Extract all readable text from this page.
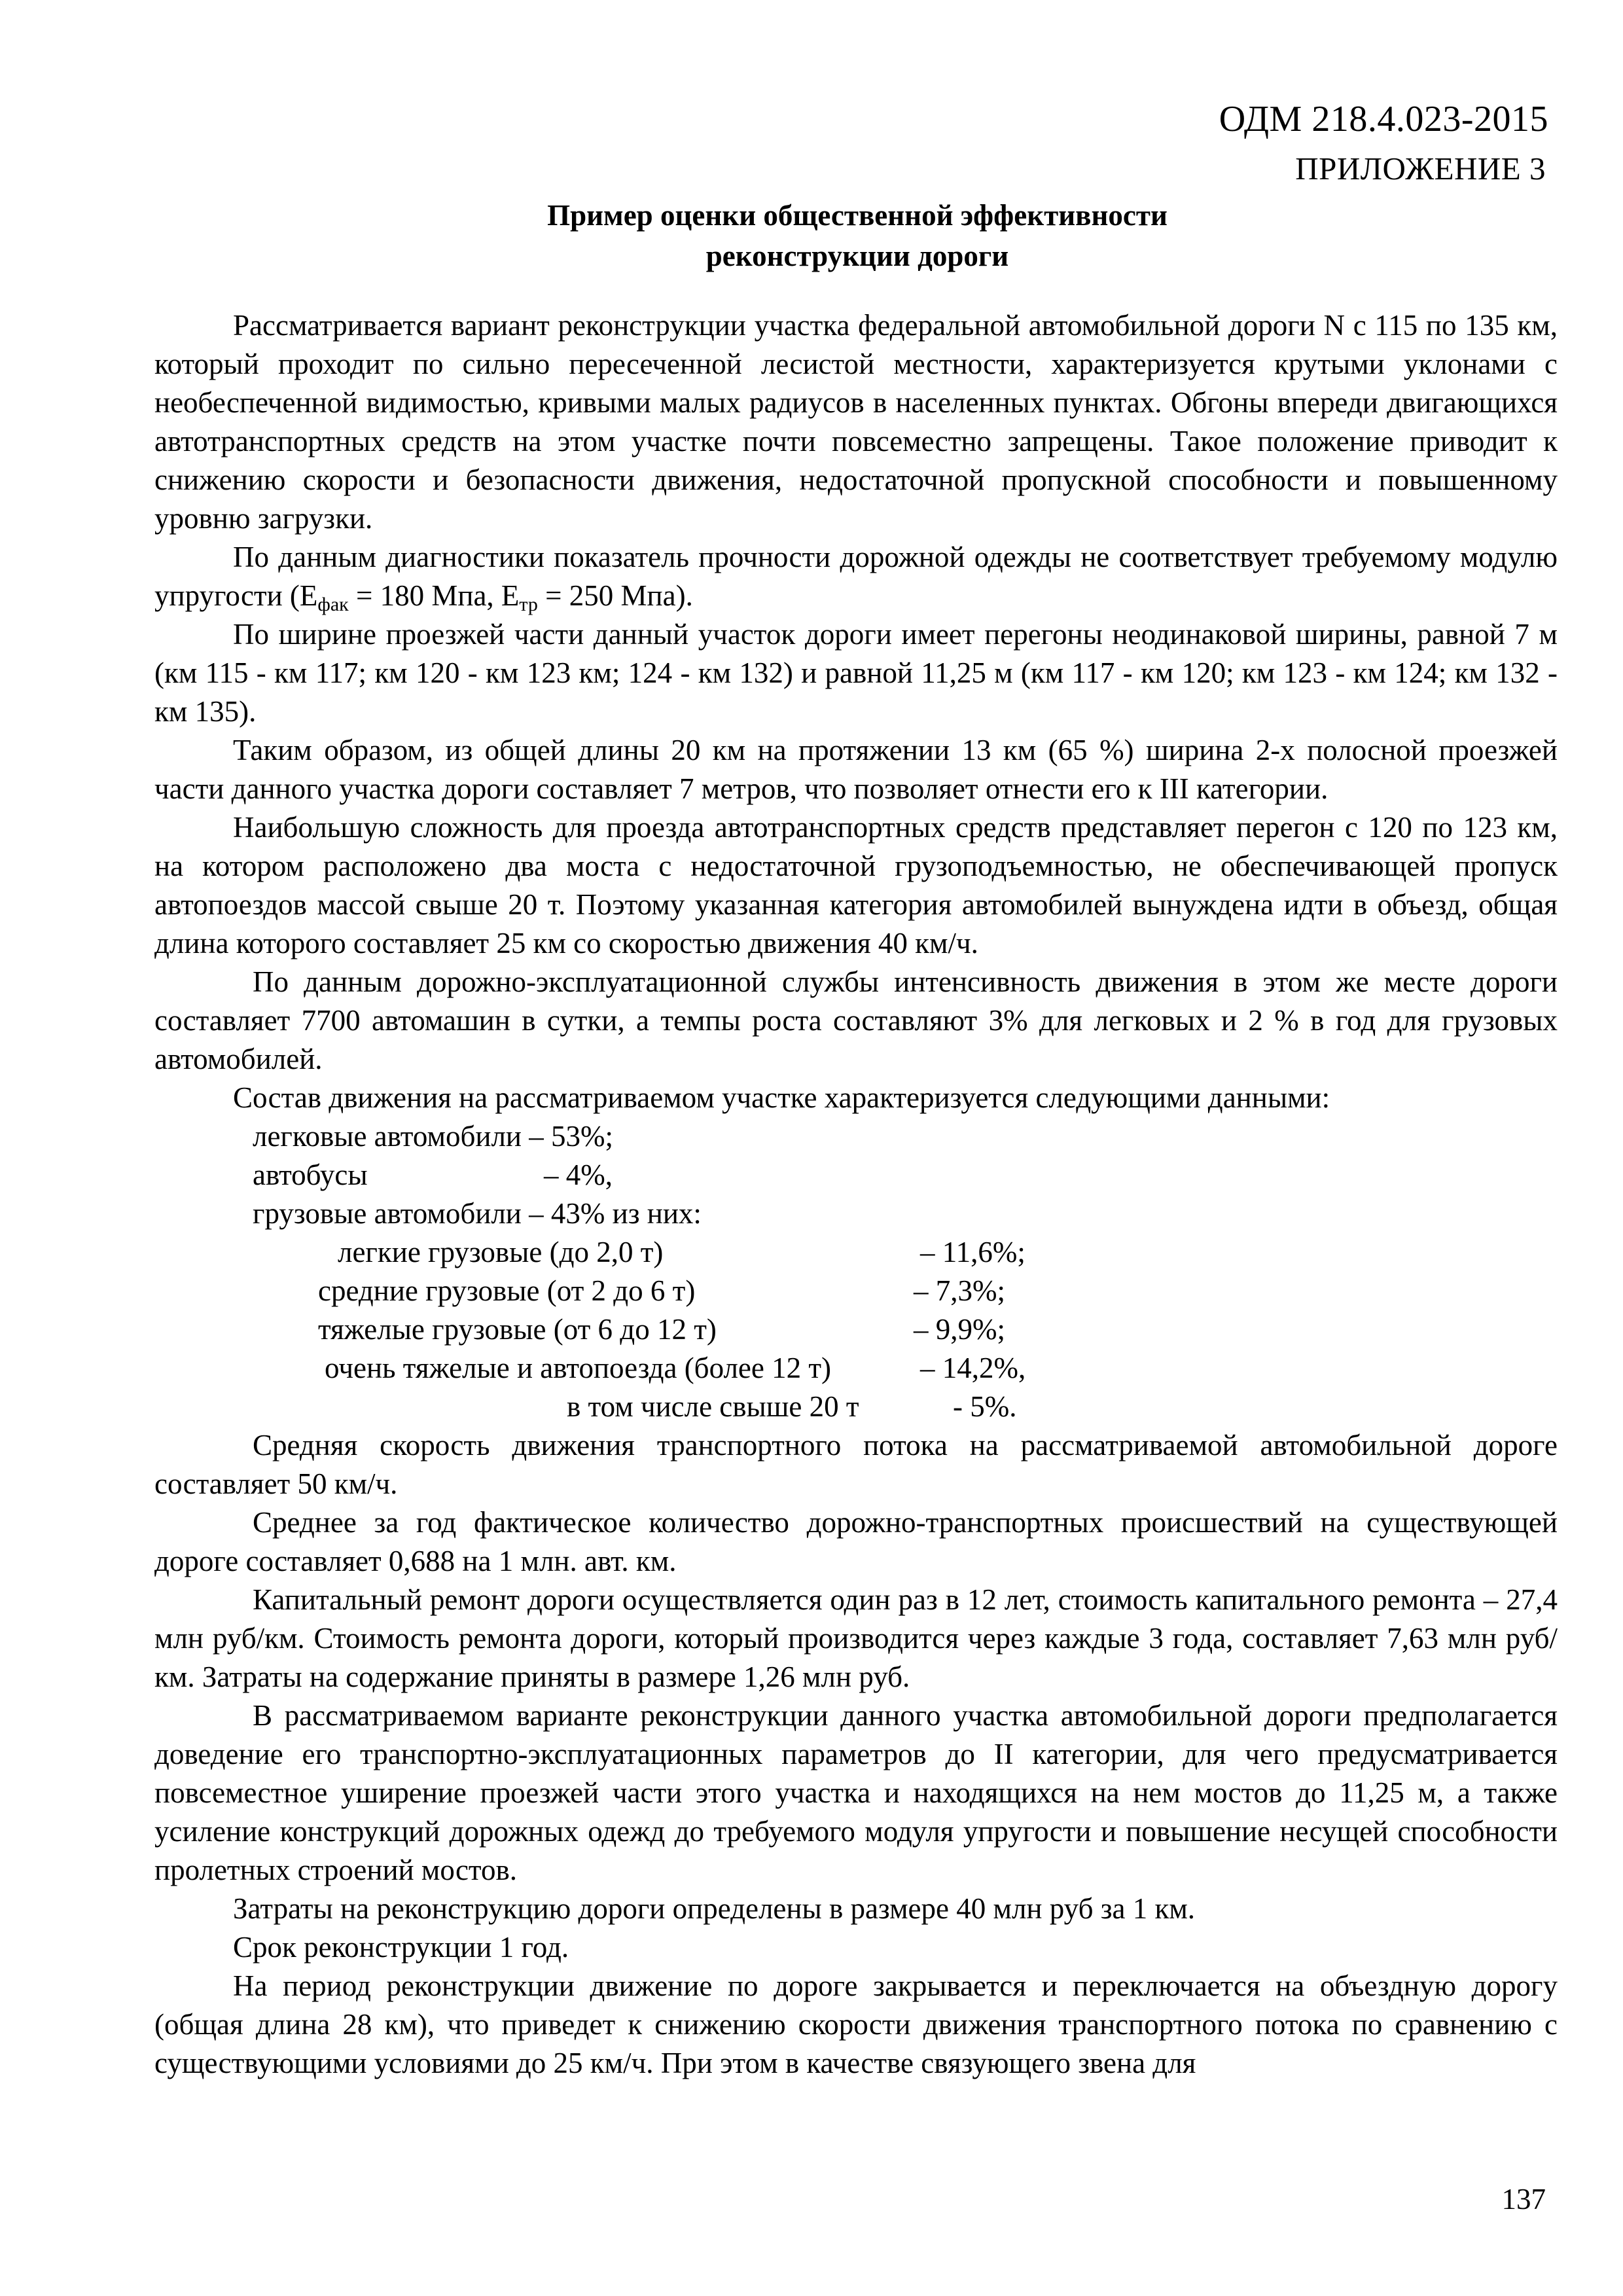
ОДМ 218.4.023-2015
ПРИЛОЖЕНИЕ 3
Пример оценки общественной эффективности
реконструкции дороги

Рассматривается вариант реконструкции участка федеральной автомобильной дороги N с 115 по 135 км, который проходит по сильно пересеченной лесистой местности, характеризуется крутыми уклонами с необеспеченной видимостью, кривыми малых радиусов в населенных пунктах. Обгоны впереди двигающихся автотранспортных средств на этом участке почти повсеместно запрещены. Такое положение приводит к снижению скорости и безопасности движения, недостаточной пропускной способности и повышенному уровню загрузки.

По данным диагностики показатель прочности дорожной одежды не соответствует требуемому модулю упругости ($Е_{фак} = 180$ Мпа, $Е_{тр} = 250$ Мпа).

По ширине проезжей части данный участок дороги имеет перегоны неодинаковой ширины, равной 7 м (км 115 - км 117; км 120 - км 123 км; 124 - км 132) и равной 11,25 м (км 117 - км 120; км 123 - км 124; км 132 - км 135).

Таким образом, из общей длины 20 км на протяжении 13 км (65 %) ширина 2-х полосной проезжей части данного участка дороги составляет 7 метров, что позволяет отнести его к III категории.

Наибольшую сложность для проезда автотранспортных средств представляет перегон с 120 по 123 км, на котором расположено два моста с недостаточной грузоподъемностью, не обеспечивающей пропуск автопоездов массой свыше 20 т. Поэтому указанная категория автомобилей вынуждена идти в объезд, общая длина которого составляет 25 км со скоростью движения 40 км/ч.

По данным дорожно-эксплуатационной службы интенсивность движения в этом же месте дороги составляет 7700 автомашин в сутки, а темпы роста составляют 3% для легковых и 2 % в год для грузовых автомобилей.

Состав движения на рассматриваемом участке характеризуется следующими данными:

легковые автомобили – 53%;
автобусы	– 4%,
грузовые автомобили – 43% из них:
легкие грузовые (до 2,0 т)	– 11,6%;
средние грузовые (от 2 до 6 т)	– 7,3%;
тяжелые грузовые (от 6 до 12 т)	– 9,9%;
очень тяжелые и автопоезда (более 12 т)	– 14,2%,
в том числе свыше 20 т	- 5%.

Средняя скорость движения транспортного потока на рассматриваемой автомобильной дороге составляет 50 км/ч.

Среднее за год фактическое количество дорожно-транспортных происшествий на существующей дороге составляет 0,688 на 1 млн. авт. км.

Капитальный ремонт дороги осуществляется один раз в 12 лет, стоимость капитального ремонта – 27,4 млн руб/км. Стоимость ремонта дороги, который производится через каждые 3 года, составляет 7,63 млн руб/км. Затраты на содержание приняты в размере 1,26 млн руб.

В рассматриваемом варианте реконструкции данного участка автомобильной дороги предполагается доведение его транспортно-эксплуатационных параметров до II категории, для чего предусматривается повсеместное уширение проезжей части этого участка и находящихся на нем мостов до 11,25 м, а также усиление конструкций дорожных одежд до требуемого модуля упругости и повышение несущей способности пролетных строений мостов.

Затраты на реконструкцию дороги определены в размере 40 млн руб за 1 км.

Срок реконструкции 1 год.

На период реконструкции движение по дороге закрывается и переключается на объездную дорогу (общая длина 28 км), что приведет к снижению скорости движения транспортного потока по сравнению с существующими условиями до 25 км/ч. При этом в качестве связующего звена для

137
